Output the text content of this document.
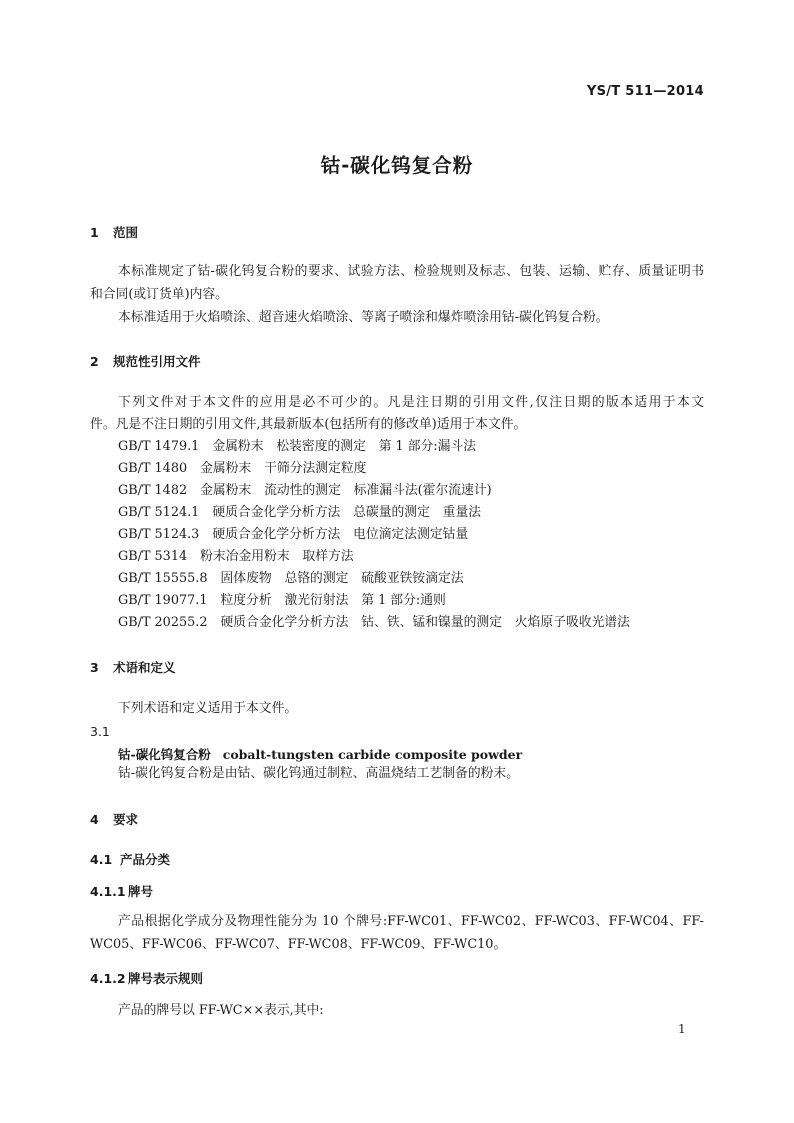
YS/T 511—2014
钴-碳化钨复合粉
1 范围
本标准规定了钴-碳化钨复合粉的要求、试验方法、检验规则及标志、包装、运输、贮存、质量证明书
和合同(或订货单)内容。
本标准适用于火焰喷涂、超音速火焰喷涂、等离子喷涂和爆炸喷涂用钴-碳化钨复合粉。
2 规范性引用文件
下列文件对于本文件的应用是必不可少的。凡是注日期的引用文件,仅注日期的版本适用于本文
件。凡是不注日期的引用文件,其最新版本(包括所有的修改单)适用于本文件。
GB/T 1479.1 金属粉末　松装密度的测定　第 1 部分:漏斗法
GB/T 1480 金属粉末　干筛分法测定粒度
GB/T 1482 金属粉末　流动性的测定　标准漏斗法(霍尔流速计)
GB/T 5124.1 硬质合金化学分析方法　总碳量的测定　重量法
GB/T 5124.3 硬质合金化学分析方法　电位滴定法测定钴量
GB/T 5314 粉末冶金用粉末　取样方法
GB/T 15555.8 固体废物　总铬的测定　硫酸亚铁铵滴定法
GB/T 19077.1 粒度分析　激光衍射法　第 1 部分:通则
GB/T 20255.2 硬质合金化学分析方法　钴、铁、锰和镍量的测定　火焰原子吸收光谱法
3 术语和定义
下列术语和定义适用于本文件。
3.1
钴-碳化钨复合粉 cobalt-tungsten carbide composite powder
钴-碳化钨复合粉是由钴、碳化钨通过制粒、高温烧结工艺制备的粉末。
4 要求
4.1 产品分类
4.1.1 牌号
产品根据化学成分及物理性能分为 10 个牌号:FF-WC01、FF-WC02、FF-WC03、FF-WC04、FF-
WC05、FF-WC06、FF-WC07、FF-WC08、FF-WC09、FF-WC10。
4.1.2 牌号表示规则
产品的牌号以 FF-WC××表示,其中:
1
